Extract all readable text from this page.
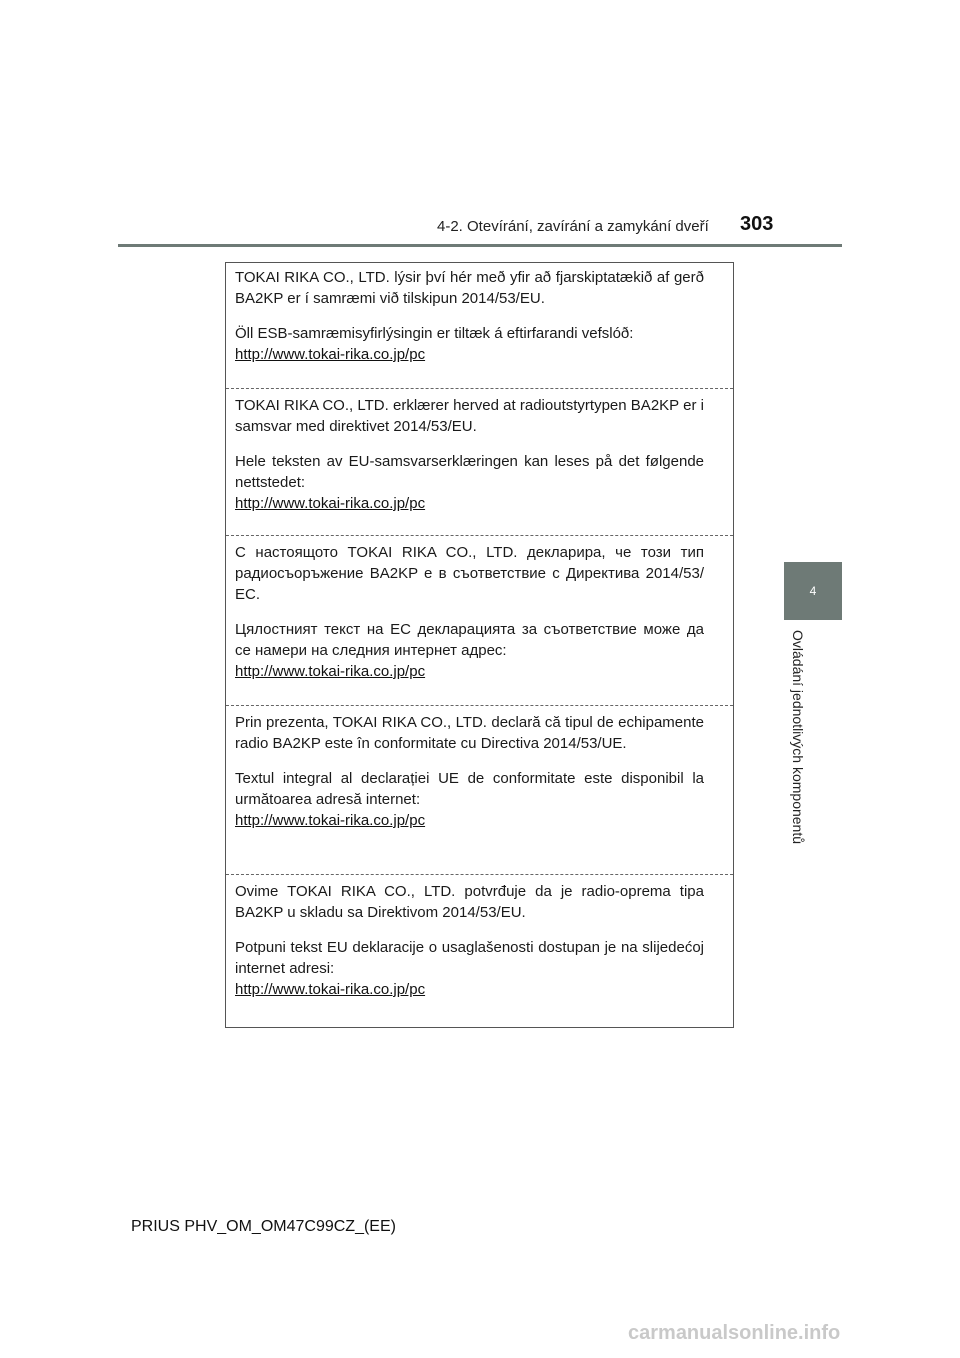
4-2. Otevírání, zavírání a zamykání dveří 303
4
Ovládání jednotlivých komponentů

TOKAI RIKA CO., LTD. lýsir því hér með yfir að fjarskiptatækið af gerð BA2KP er í samræmi við tilskipun 2014/53/EU.

Öll ESB-samræmisyfirlýsingin er tiltæk á eftirfarandi vefslóð:
http://www.tokai-rika.co.jp/pc

TOKAI RIKA CO., LTD. erklærer herved at radioutstyrtypen BA2KP er i samsvar med direktivet 2014/53/EU.

Hele teksten av EU-samsvarserklæringen kan leses på det følgende nettstedet:
http://www.tokai-rika.co.jp/pc

С настоящото TOKAI RIKA CO., LTD. декларира, че този тип радиосъоръжение BA2KP е в съответствие с Директива 2014/53/ЕС.

Цялостният текст на ЕС декларацията за съответствие може да се намери на следния интернет адрес:
http://www.tokai-rika.co.jp/pc

Prin prezenta, TOKAI RIKA CO., LTD. declară că tipul de echipamente radio BA2KP este în conformitate cu Directiva 2014/53/UE.

Textul integral al declarației UE de conformitate este disponibil la următoarea adresă internet:
http://www.tokai-rika.co.jp/pc

Ovime TOKAI RIKA CO., LTD. potvrđuje da je radio-oprema tipa BA2KP u skladu sa Direktivom 2014/53/EU.

Potpuni tekst EU deklaracije o usaglašenosti dostupan je na slijedećoj internet adresi:
http://www.tokai-rika.co.jp/pc

PRIUS PHV_OM_OM47C99CZ_(EE)
carmanualsonline.info
